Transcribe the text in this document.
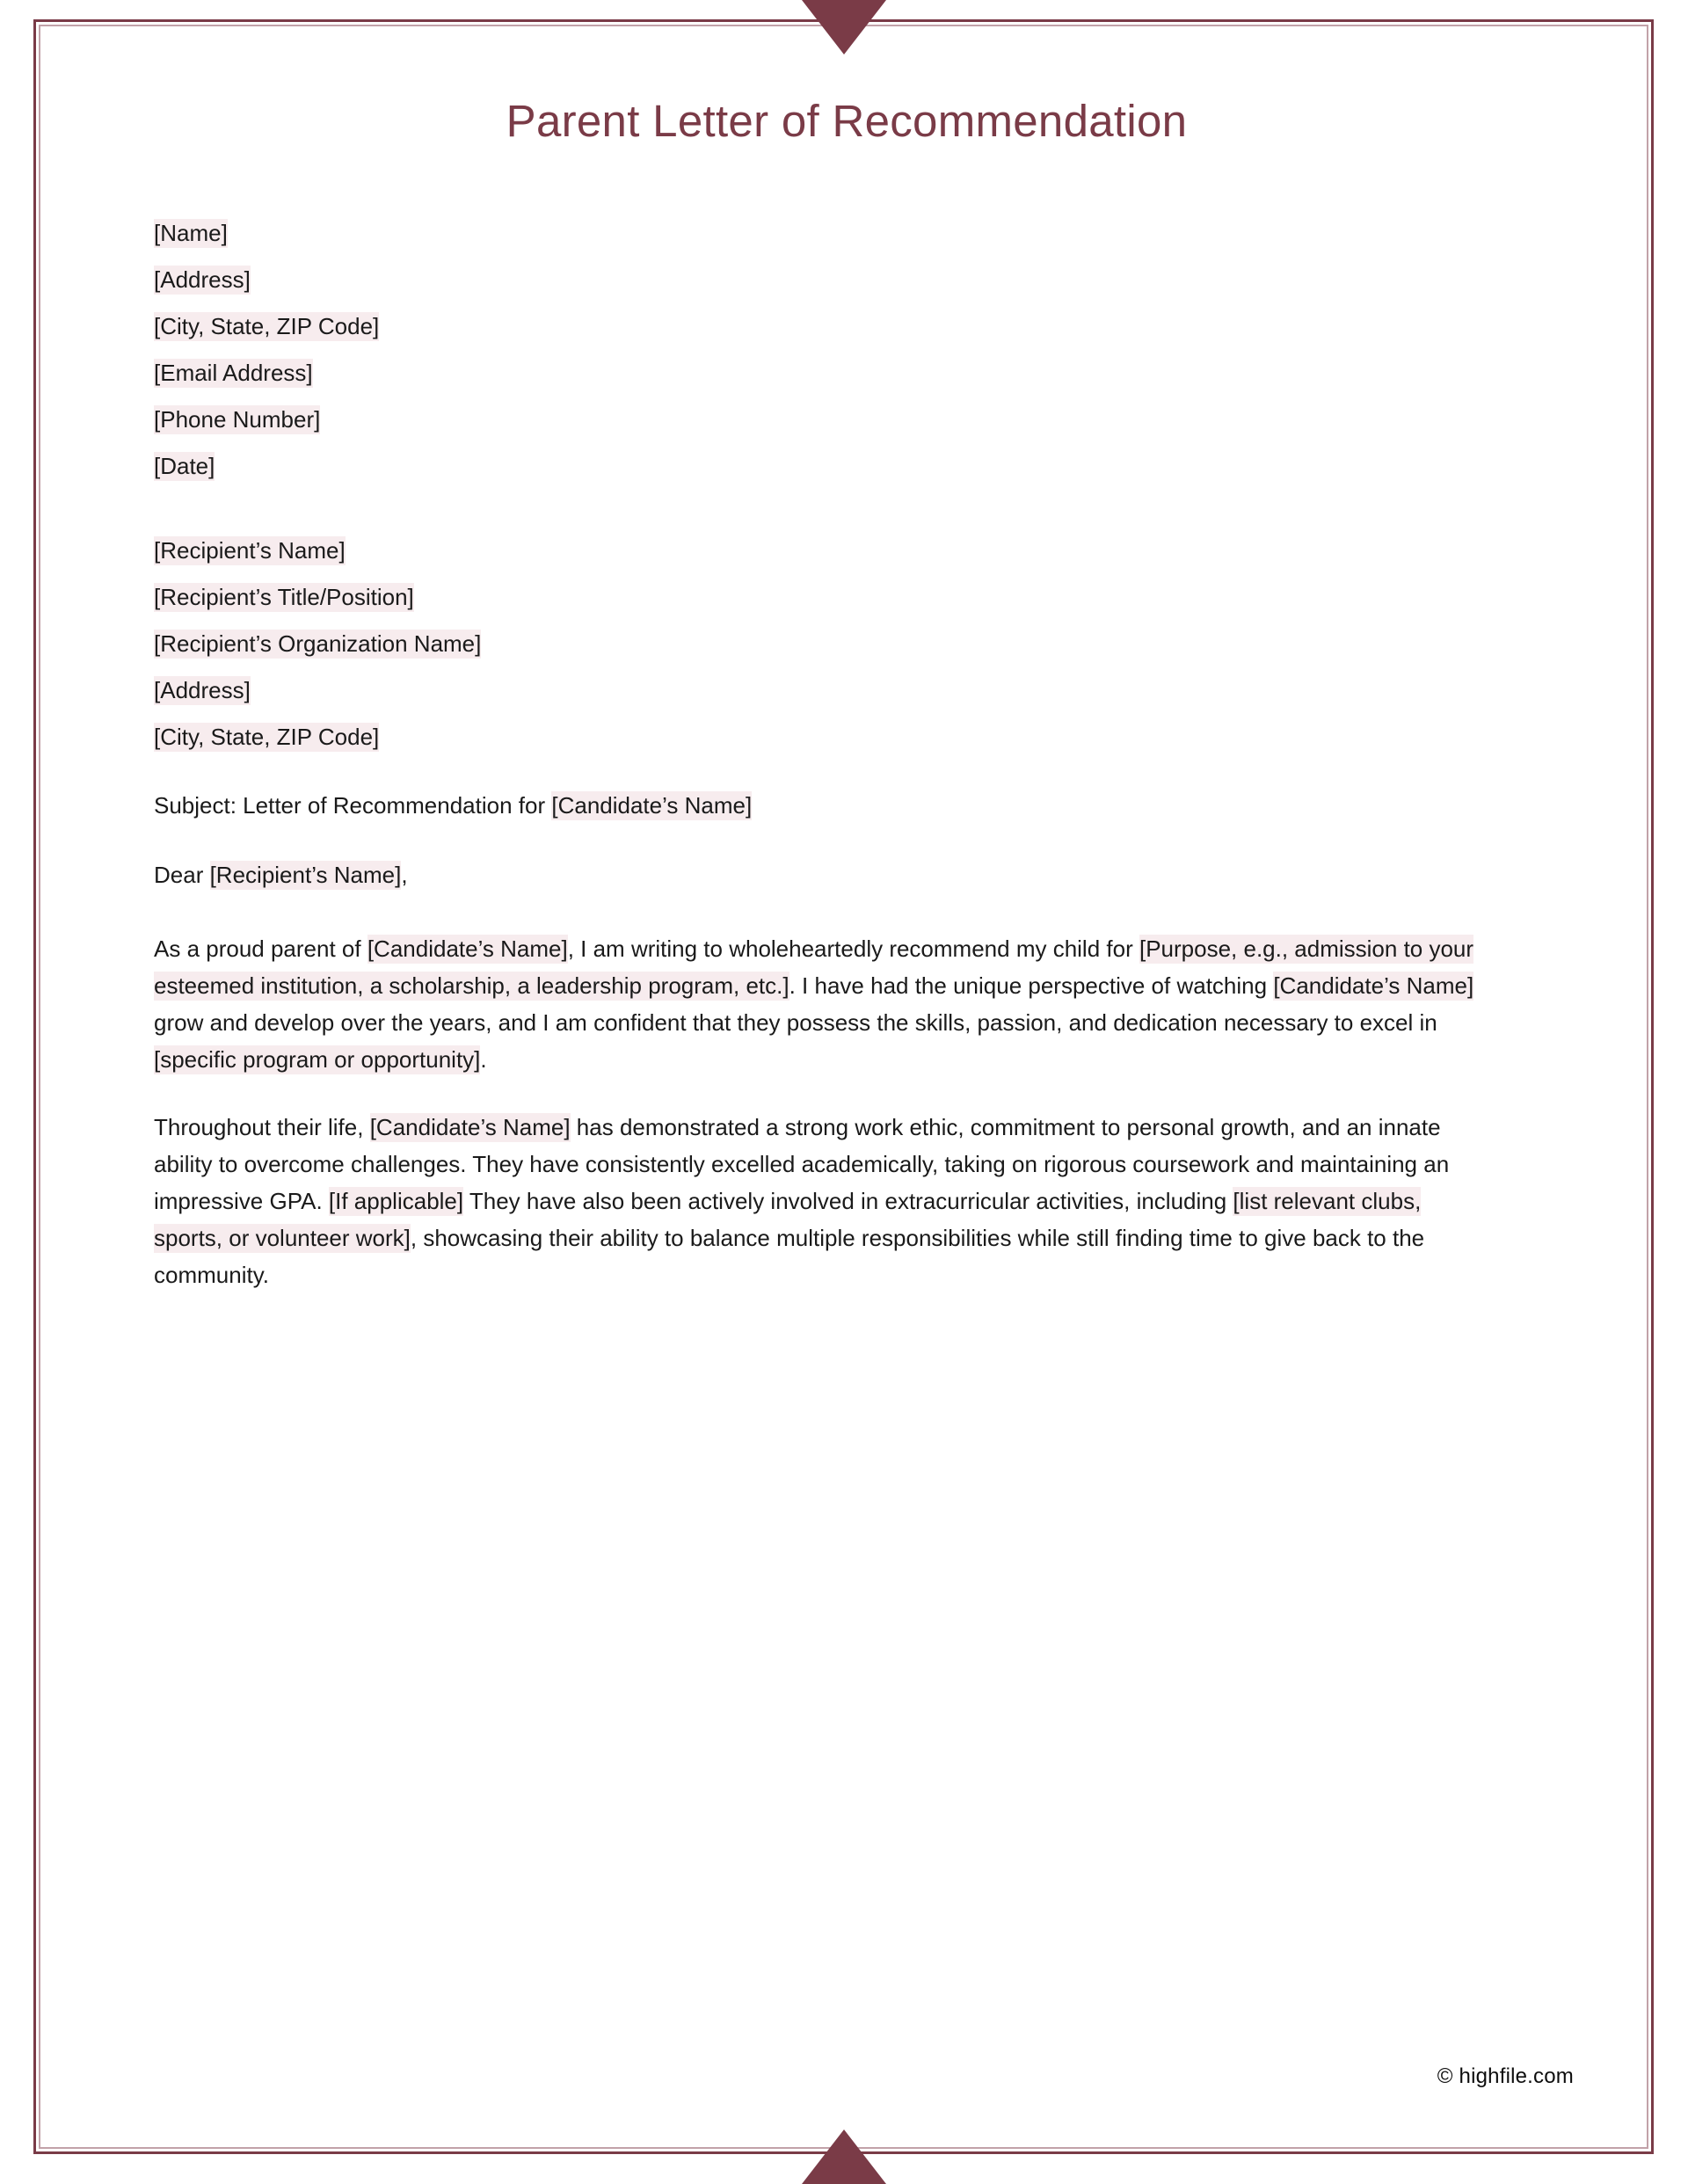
Parent Letter of Recommendation
[Name]
[Address]
[City, State, ZIP Code]
[Email Address]
[Phone Number]
[Date]
[Recipient’s Name]
[Recipient’s Title/Position]
[Recipient’s Organization Name]
[Address]
[City, State, ZIP Code]
Subject: Letter of Recommendation for [Candidate’s Name]
Dear [Recipient’s Name],

As a proud parent of [Candidate’s Name], I am writing to wholeheartedly recommend my child for [Purpose, e.g., admission to your esteemed institution, a scholarship, a leadership program, etc.]. I have had the unique perspective of watching [Candidate’s Name] grow and develop over the years, and I am confident that they possess the skills, passion, and dedication necessary to excel in [specific program or opportunity].

Throughout their life, [Candidate’s Name] has demonstrated a strong work ethic, commitment to personal growth, and an innate ability to overcome challenges. They have consistently excelled academically, taking on rigorous coursework and maintaining an impressive GPA. [If applicable] They have also been actively involved in extracurricular activities, including [list relevant clubs, sports, or volunteer work], showcasing their ability to balance multiple responsibilities while still finding time to give back to the community.

© highfile.com
